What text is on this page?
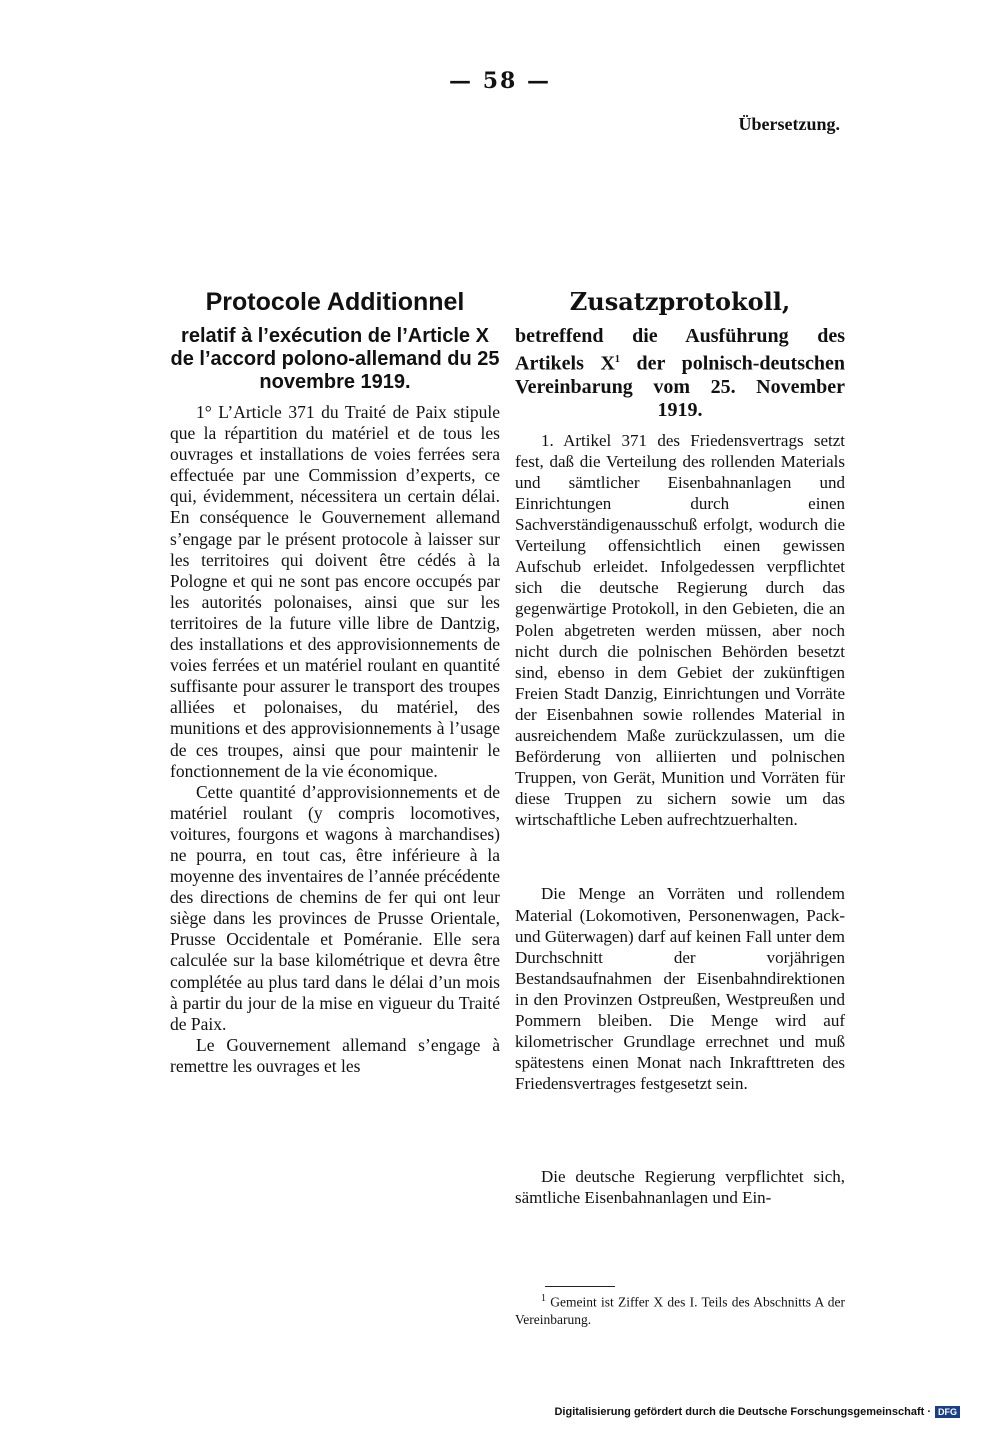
— 58 —
Übersetzung.
Protocole Additionnel
relatif à l’exécution de l’Article X de l’accord polono-allemand du 25 novembre 1919.

1° L’Article 371 du Traité de Paix stipule que la répartition du matériel et de tous les ouvrages et installations de voies ferrées sera effectuée par une Commission d’experts, ce qui, évidemment, nécessitera un certain délai. En conséquence le Gouvernement allemand s’engage par le présent protocole à laisser sur les territoires qui doivent être cédés à la Pologne et qui ne sont pas encore occupés par les autorités polonaises, ainsi que sur les territoires de la future ville libre de Dantzig, des installations et des approvisionnements de voies ferrées et un matériel roulant en quantité suffisante pour assurer le transport des troupes alliées et polonaises, du matériel, des munitions et des approvisionnements à l’usage de ces troupes, ainsi que pour maintenir le fonctionnement de la vie économique.

Cette quantité d’approvisionnements et de matériel roulant (y compris locomotives, voitures, fourgons et wagons à marchandises) ne pourra, en tout cas, être inférieure à la moyenne des inventaires de l’année précédente des directions de chemins de fer qui ont leur siège dans les provinces de Prusse Orientale, Prusse Occidentale et Poméranie. Elle sera calculée sur la base kilométrique et devra être complétée au plus tard dans le délai d’un mois à partir du jour de la mise en vigueur du Traité de Paix.

Le Gouvernement allemand s’engage à remettre les ouvrages et les

Zusatzprotokoll,
betreffend die Ausführung des Artikels $X^1$ der polnisch-deutschen Vereinbarung vom 25. November 1919.

1. Artikel 371 des Friedensvertrags setzt fest, daß die Verteilung des rollenden Materials und sämtlicher Eisenbahnanlagen und Einrichtungen durch einen Sachverständigenausschuß erfolgt, wodurch die Verteilung offensichtlich einen gewissen Aufschub erleidet. Infolgedessen verpflichtet sich die deutsche Regierung durch das gegenwärtige Protokoll, in den Gebieten, die an Polen abgetreten werden müssen, aber noch nicht durch die polnischen Behörden besetzt sind, ebenso in dem Gebiet der zukünftigen Freien Stadt Danzig, Einrichtungen und Vorräte der Eisenbahnen sowie rollendes Material in ausreichendem Maße zurückzulassen, um die Beförderung von alliierten und polnischen Truppen, von Gerät, Munition und Vorräten für diese Truppen zu sichern sowie um das wirtschaftliche Leben aufrechtzuerhalten.

Die Menge an Vorräten und rollendem Material (Lokomotiven, Personenwagen, Pack- und Güterwagen) darf auf keinen Fall unter dem Durchschnitt der vorjährigen Bestandsaufnahmen der Eisenbahndirektionen in den Provinzen Ostpreußen, Westpreußen und Pommern bleiben. Die Menge wird auf kilometrischer Grundlage errechnet und muß spätestens einen Monat nach Inkrafttreten des Friedensvertrages festgesetzt sein.

Die deutsche Regierung verpflichtet sich, sämtliche Eisenbahnanlagen und Ein-

$^1$ Gemeint ist Ziffer X des I. Teils des Abschnitts A der Vereinbarung.
Digitalisierung gefördert durch die Deutsche Forschungsgemeinschaft · DFG
